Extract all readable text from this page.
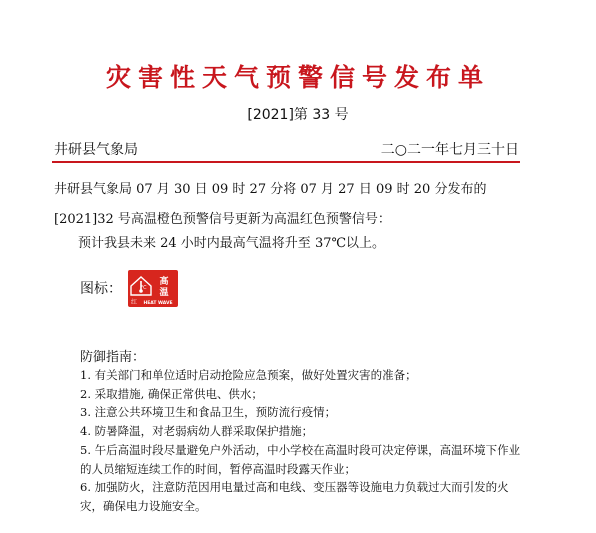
灾害性天气预警信号发布单
[2021]第 33 号
井研县气象局	二○二一年七月三十日
井研县气象局 07 月 30 日 09 时 27 分将 07 月 27 日 09 时 20 分发布的[2021]32 号高温橙色预警信号更新为高温红色预警信号：
预计我县未来 24 小时内最高气温将升至 37℃以上。
图标：	℃
高
温
红 HEAT WAVE
防御指南：
1. 有关部门和单位适时启动抢险应急预案，做好处置灾害的准备；
2. 采取措施, 确保正常供电、供水；
3. 注意公共环境卫生和食品卫生，预防流行疫情；
4. 防暑降温，对老弱病幼人群采取保护措施；
5. 午后高温时段尽量避免户外活动，中小学校在高温时段可决定停课，高温环境下作业的人员缩短连续工作的时间，暂停高温时段露天作业；
6. 加强防火，注意防范因用电量过高和电线、变压器等设施电力负载过大而引发的火灾，确保电力设施安全。
